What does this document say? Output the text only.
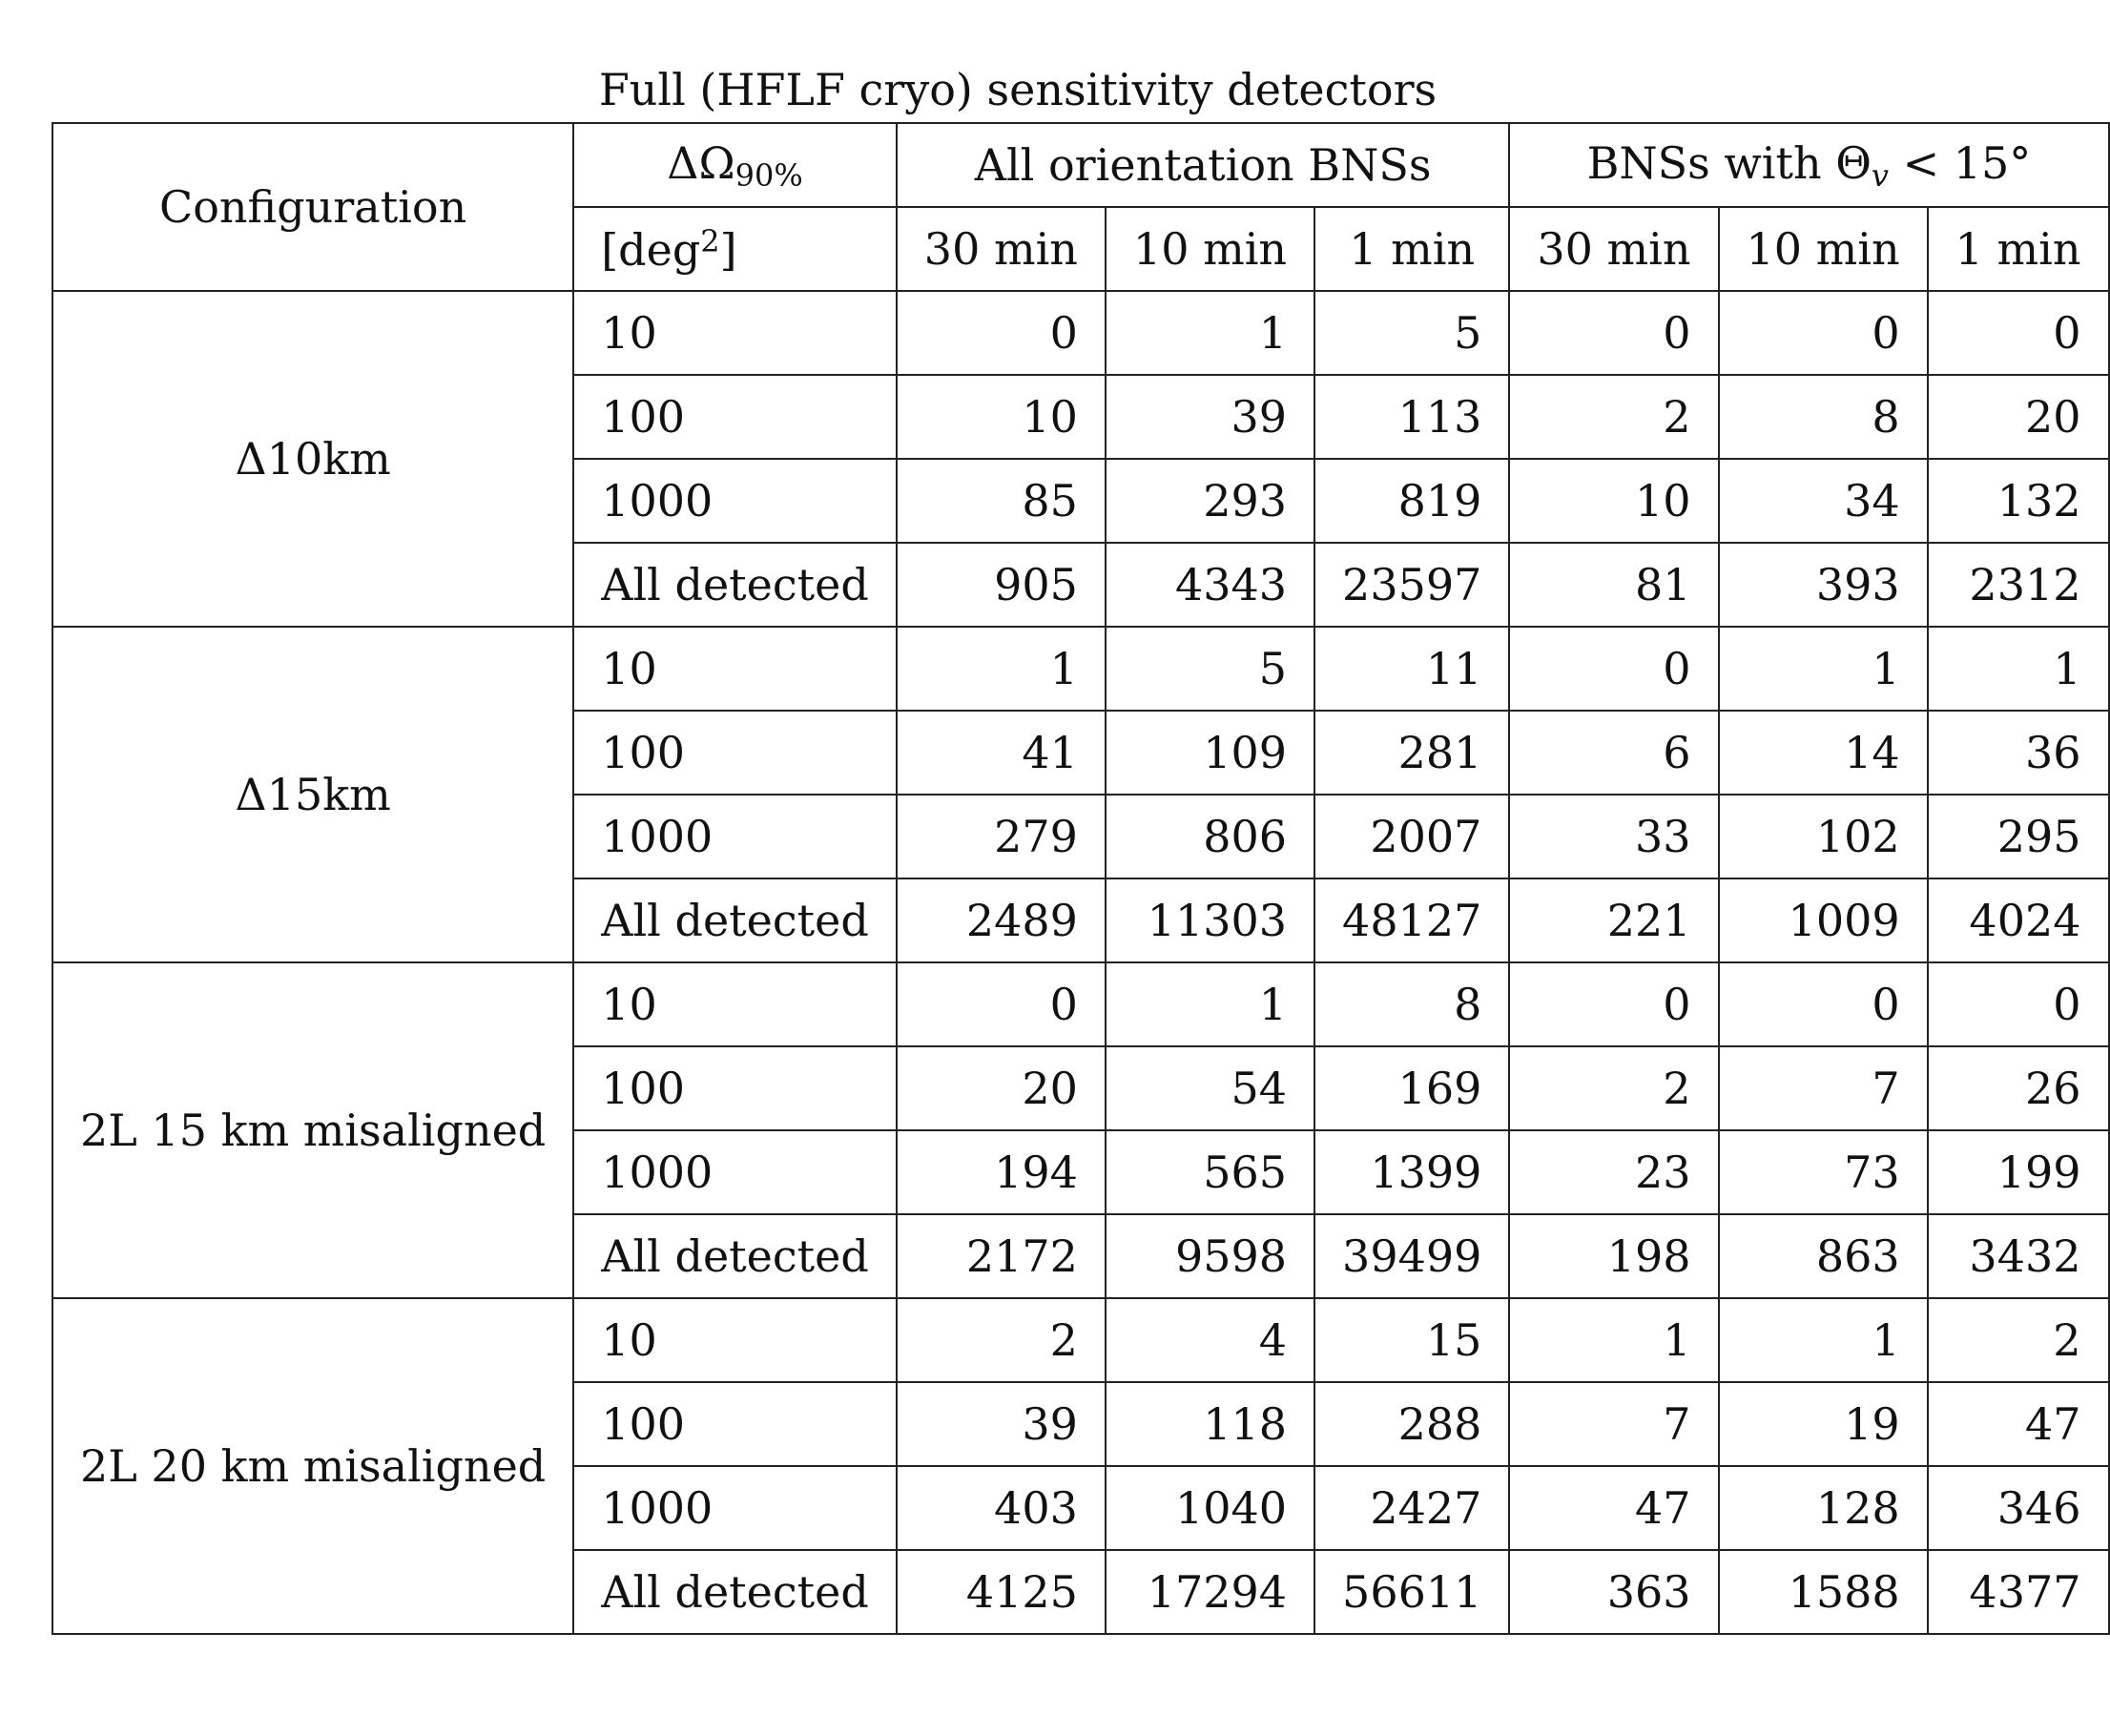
Full (HFLF cryo) sensitivity detectors
Configuration	$\Delta\Omega_{90\%}$	All orientation BNSs			BNSs with $\Theta_v < 15^\circ$		
	[deg$^2$]	30 min	10 min	1 min	30 min	10 min	1 min
Δ10km	10	0	1	5	0	0	0
	100	10	39	113	2	8	20
	1000	85	293	819	10	34	132
	All detected	905	4343	23597	81	393	2312
Δ15km	10	1	5	11	0	1	1
	100	41	109	281	6	14	36
	1000	279	806	2007	33	102	295
	All detected	2489	11303	48127	221	1009	4024
2L 15 km misaligned	10	0	1	8	0	0	0
	100	20	54	169	2	7	26
	1000	194	565	1399	23	73	199
	All detected	2172	9598	39499	198	863	3432
2L 20 km misaligned	10	2	4	15	1	1	2
	100	39	118	288	7	19	47
	1000	403	1040	2427	47	128	346
	All detected	4125	17294	56611	363	1588	4377
